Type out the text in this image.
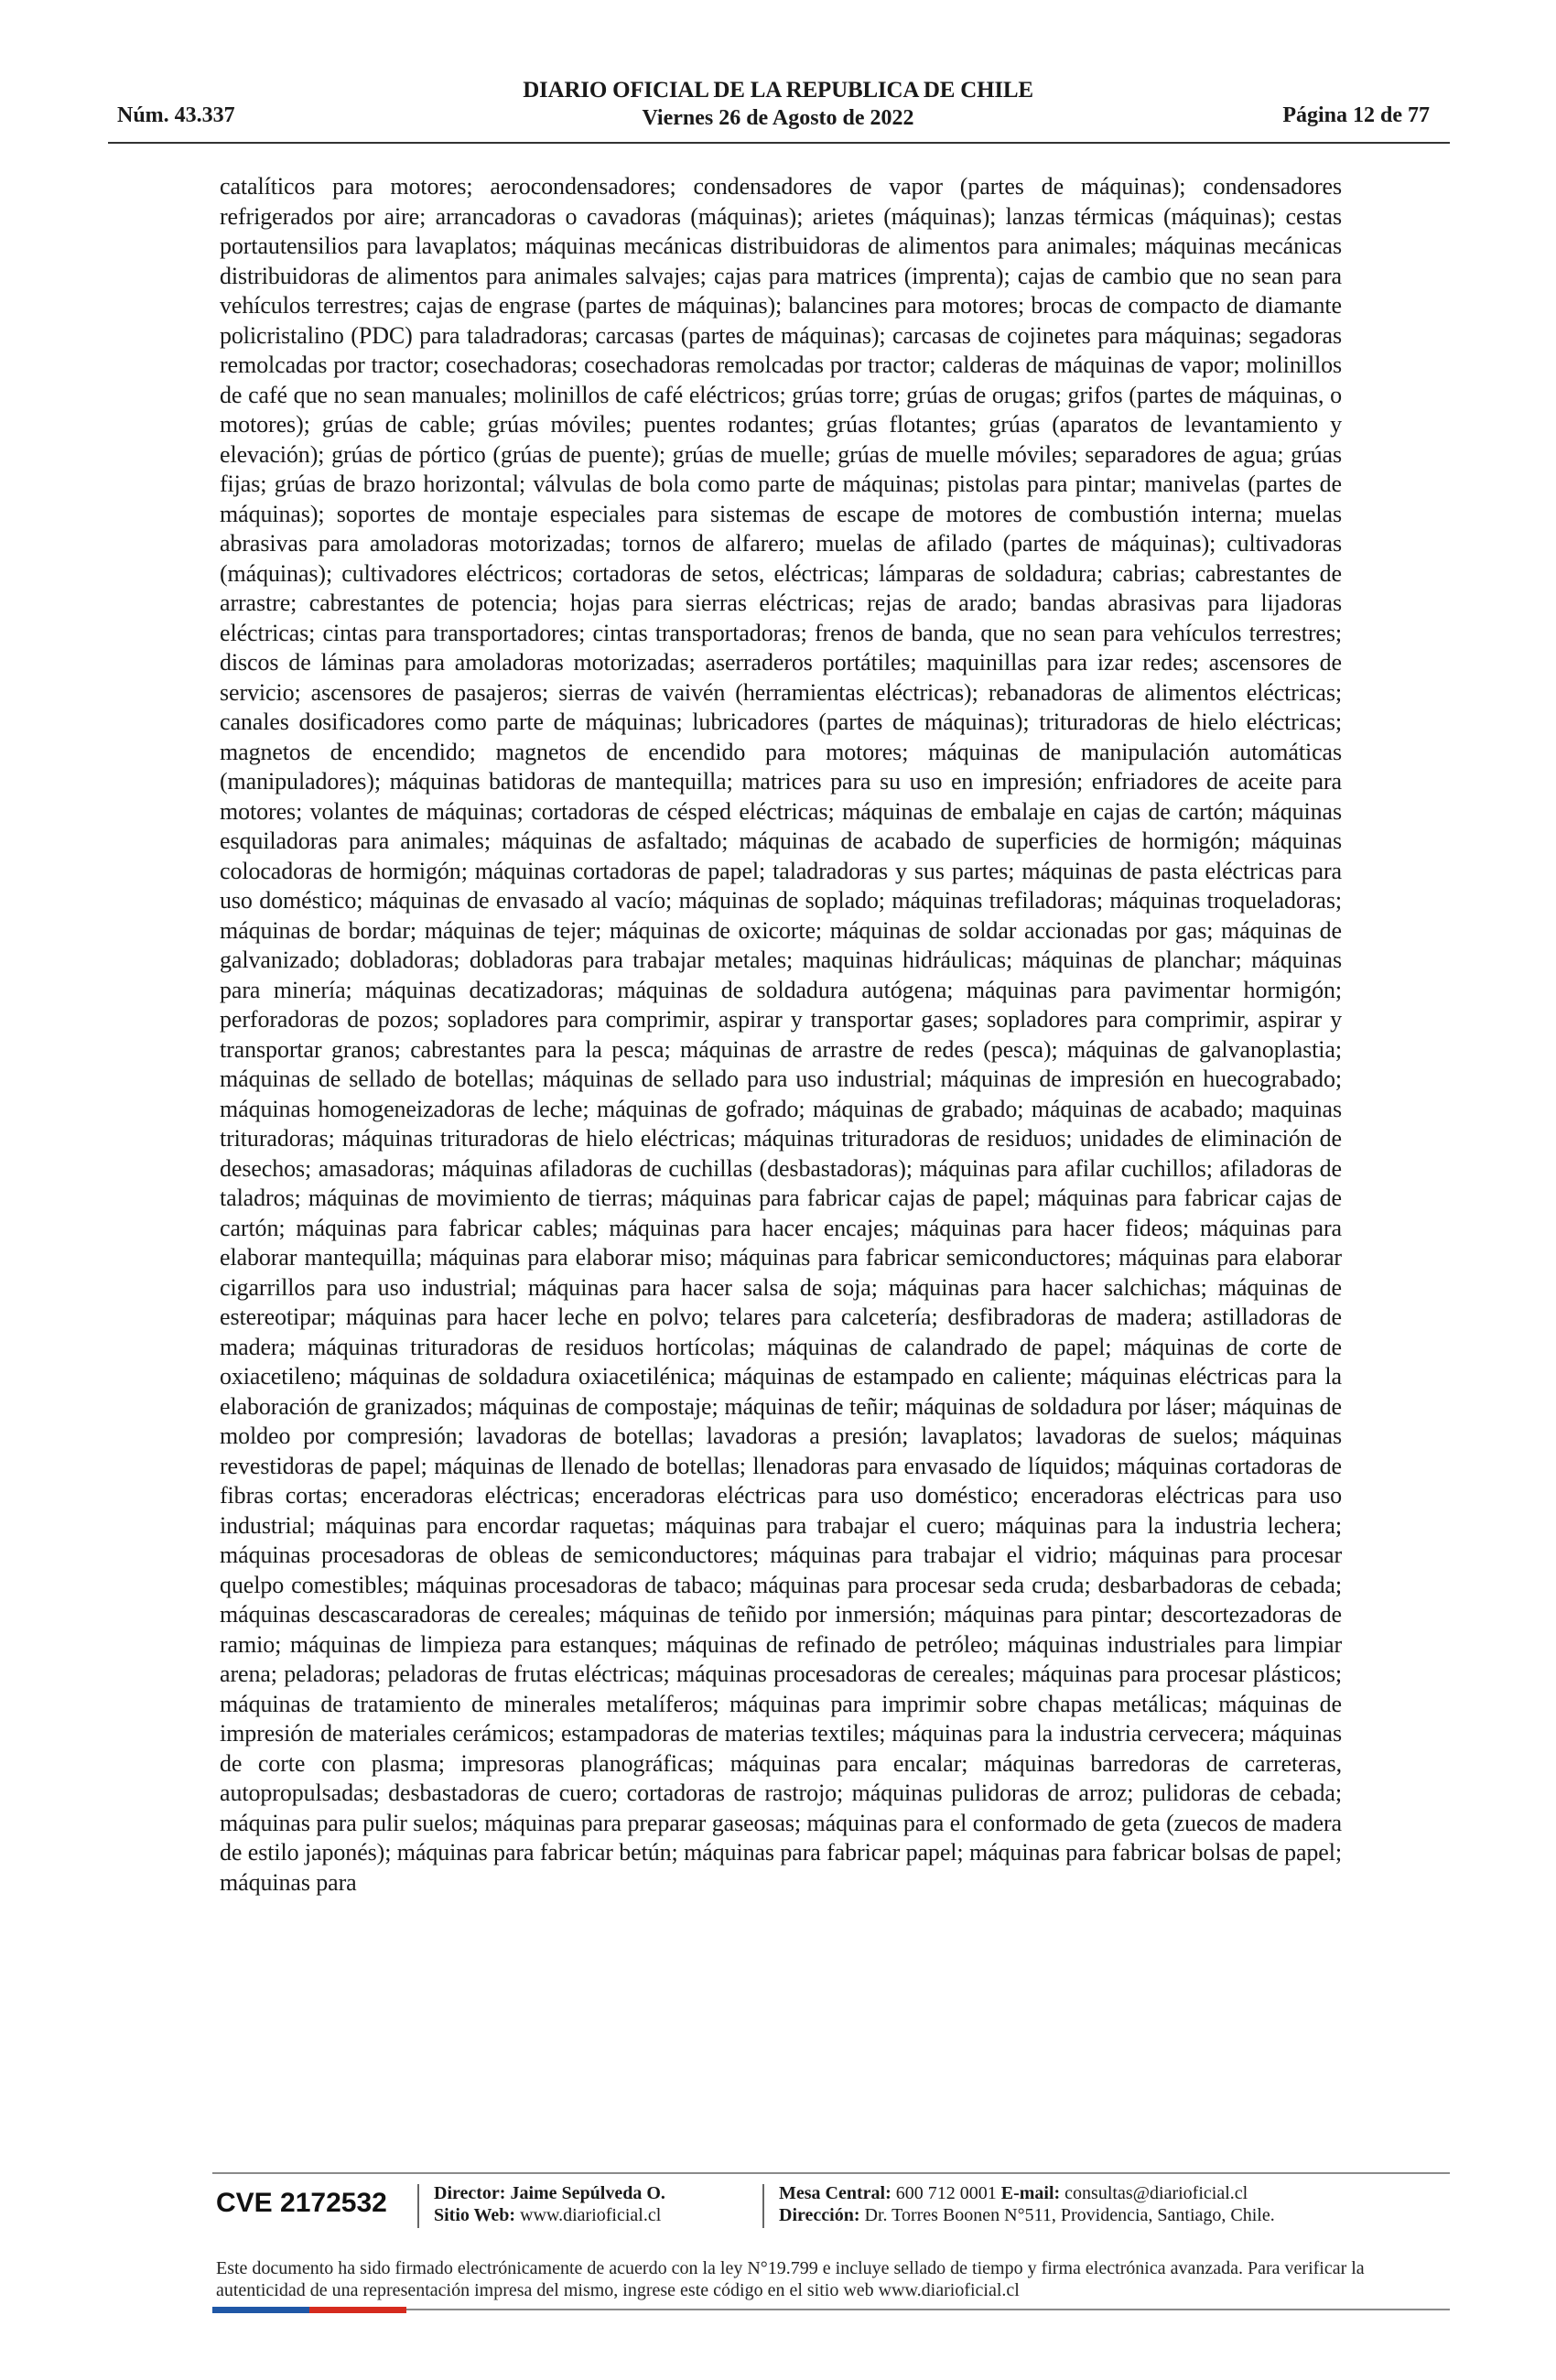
Núm. 43.337
DIARIO OFICIAL DE LA REPUBLICA DE CHILE
Viernes 26 de Agosto de 2022	Página 12 de 77
catalíticos para motores; aerocondensadores; condensadores de vapor (partes de máquinas); condensadores refrigerados por aire; arrancadoras o cavadoras (máquinas); arietes (máquinas); lanzas térmicas (máquinas); cestas portautensilios para lavaplatos; máquinas mecánicas distribuidoras de alimentos para animales; máquinas mecánicas distribuidoras de alimentos para animales salvajes; cajas para matrices (imprenta); cajas de cambio que no sean para vehículos terrestres; cajas de engrase (partes de máquinas); balancines para motores; brocas de compacto de diamante policristalino (PDC) para taladradoras; carcasas (partes de máquinas); carcasas de cojinetes para máquinas; segadoras remolcadas por tractor; cosechadoras; cosechadoras remolcadas por tractor; calderas de máquinas de vapor; molinillos de café que no sean manuales; molinillos de café eléctricos; grúas torre; grúas de orugas; grifos (partes de máquinas, o motores); grúas de cable; grúas móviles; puentes rodantes; grúas flotantes; grúas (aparatos de levantamiento y elevación); grúas de pórtico (grúas de puente); grúas de muelle; grúas de muelle móviles; separadores de agua; grúas fijas; grúas de brazo horizontal; válvulas de bola como parte de máquinas; pistolas para pintar; manivelas (partes de máquinas); soportes de montaje especiales para sistemas de escape de motores de combustión interna; muelas abrasivas para amoladoras motorizadas; tornos de alfarero; muelas de afilado (partes de máquinas); cultivadoras (máquinas); cultivadores eléctricos; cortadoras de setos, eléctricas; lámparas de soldadura; cabrias; cabrestantes de arrastre; cabrestantes de potencia; hojas para sierras eléctricas; rejas de arado; bandas abrasivas para lijadoras eléctricas; cintas para transportadores; cintas transportadoras; frenos de banda, que no sean para vehículos terrestres; discos de láminas para amoladoras motorizadas; aserraderos portátiles; maquinillas para izar redes; ascensores de servicio; ascensores de pasajeros; sierras de vaivén (herramientas eléctricas); rebanadoras de alimentos eléctricas; canales dosificadores como parte de máquinas; lubricadores (partes de máquinas); trituradoras de hielo eléctricas; magnetos de encendido; magnetos de encendido para motores; máquinas de manipulación automáticas (manipuladores); máquinas batidoras de mantequilla; matrices para su uso en impresión; enfriadores de aceite para motores; volantes de máquinas; cortadoras de césped eléctricas; máquinas de embalaje en cajas de cartón; máquinas esquiladoras para animales; máquinas de asfaltado; máquinas de acabado de superficies de hormigón; máquinas colocadoras de hormigón; máquinas cortadoras de papel; taladradoras y sus partes; máquinas de pasta eléctricas para uso doméstico; máquinas de envasado al vacío; máquinas de soplado; máquinas trefiladoras; máquinas troqueladoras; máquinas de bordar; máquinas de tejer; máquinas de oxicorte; máquinas de soldar accionadas por gas; máquinas de galvanizado; dobladoras; dobladoras para trabajar metales; maquinas hidráulicas; máquinas de planchar; máquinas para minería; máquinas decatizadoras; máquinas de soldadura autógena; máquinas para pavimentar hormigón; perforadoras de pozos; sopladores para comprimir, aspirar y transportar gases; sopladores para comprimir, aspirar y transportar granos; cabrestantes para la pesca; máquinas de arrastre de redes (pesca); máquinas de galvanoplastia; máquinas de sellado de botellas; máquinas de sellado para uso industrial; máquinas de impresión en huecograbado; máquinas homogeneizadoras de leche; máquinas de gofrado; máquinas de grabado; máquinas de acabado; maquinas trituradoras; máquinas trituradoras de hielo eléctricas; máquinas trituradoras de residuos; unidades de eliminación de desechos; amasadoras; máquinas afiladoras de cuchillas (desbastadoras); máquinas para afilar cuchillos; afiladoras de taladros; máquinas de movimiento de tierras; máquinas para fabricar cajas de papel; máquinas para fabricar cajas de cartón; máquinas para fabricar cables; máquinas para hacer encajes; máquinas para hacer fideos; máquinas para elaborar mantequilla; máquinas para elaborar miso; máquinas para fabricar semiconductores; máquinas para elaborar cigarrillos para uso industrial; máquinas para hacer salsa de soja; máquinas para hacer salchichas; máquinas de estereotipar; máquinas para hacer leche en polvo; telares para calcetería; desfibradoras de madera; astilladoras de madera; máquinas trituradoras de residuos hortícolas; máquinas de calandrado de papel; máquinas de corte de oxiacetileno; máquinas de soldadura oxiacetilénica; máquinas de estampado en caliente; máquinas eléctricas para la elaboración de granizados; máquinas de compostaje; máquinas de teñir; máquinas de soldadura por láser; máquinas de moldeo por compresión; lavadoras de botellas; lavadoras a presión; lavaplatos; lavadoras de suelos; máquinas revestidoras de papel; máquinas de llenado de botellas; llenadoras para envasado de líquidos; máquinas cortadoras de fibras cortas; enceradoras eléctricas; enceradoras eléctricas para uso doméstico; enceradoras eléctricas para uso industrial; máquinas para encordar raquetas; máquinas para trabajar el cuero; máquinas para la industria lechera; máquinas procesadoras de obleas de semiconductores; máquinas para trabajar el vidrio; máquinas para procesar quelpo comestibles; máquinas procesadoras de tabaco; máquinas para procesar seda cruda; desbarbadoras de cebada; máquinas descascaradoras de cereales; máquinas de teñido por inmersión; máquinas para pintar; descortezadoras de ramio; máquinas de limpieza para estanques; máquinas de refinado de petróleo; máquinas industriales para limpiar arena; peladoras; peladoras de frutas eléctricas; máquinas procesadoras de cereales; máquinas para procesar plásticos; máquinas de tratamiento de minerales metalíferos; máquinas para imprimir sobre chapas metálicas; máquinas de impresión de materiales cerámicos; estampadoras de materias textiles; máquinas para la industria cervecera; máquinas de corte con plasma; impresoras planográficas; máquinas para encalar; máquinas barredoras de carreteras, autopropulsadas; desbastadoras de cuero; cortadoras de rastrojo; máquinas pulidoras de arroz; pulidoras de cebada; máquinas para pulir suelos; máquinas para preparar gaseosas; máquinas para el conformado de geta (zuecos de madera de estilo japonés); máquinas para fabricar betún; máquinas para fabricar papel; máquinas para fabricar bolsas de papel; máquinas para
CVE 2172532	Director: Jaime Sepúlveda O.
Sitio Web: www.diarioficial.cl
Mesa Central: 600 712 0001 E-mail: consultas@diarioficial.cl
Dirección: Dr. Torres Boonen N°511, Providencia, Santiago, Chile.
Este documento ha sido firmado electrónicamente de acuerdo con la ley N°19.799 e incluye sellado de tiempo y firma electrónica avanzada. Para verificar la autenticidad de una representación impresa del mismo, ingrese este código en el sitio web www.diarioficial.cl
